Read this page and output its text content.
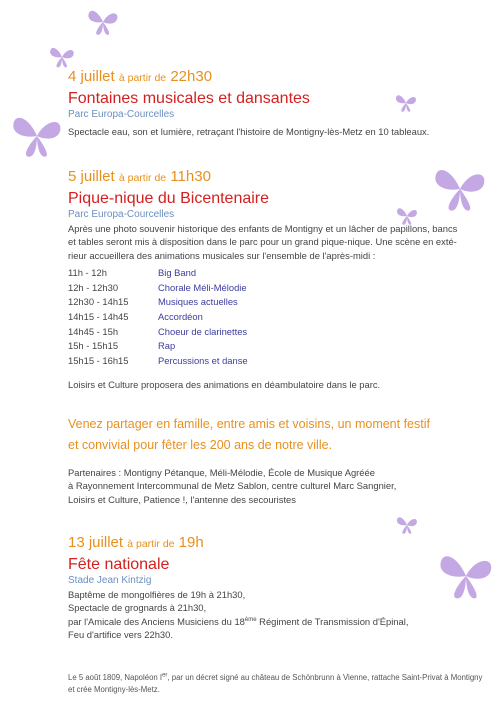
4 juillet à partir de 22h30
Fontaines musicales et dansantes
Parc Europa-Courcelles
Spectacle eau, son et lumière, retraçant l'histoire de Montigny-lès-Metz en 10 tableaux.
5 juillet à partir de 11h30
Pique-nique du Bicentenaire
Parc Europa-Courcelles
Après une photo souvenir historique des enfants de Montigny et un lâcher de papillons, bancs
et tables seront mis à disposition dans le parc pour un grand pique-nique. Une scène en exté-
rieur accueillera des animations musicales sur l'ensemble de l'après-midi :
11h - 12h	Big Band
12h - 12h30	Chorale Méli-Mélodie
12h30 - 14h15	Musiques actuelles
14h15 - 14h45	Accordéon
14h45 - 15h	Choeur de clarinettes
15h - 15h15	Rap
15h15 - 16h15	Percussions et danse
Loisirs et Culture proposera des animations en déambulatoire dans le parc.
Venez partager en famille, entre amis et voisins, un moment festif
et convivial pour fêter les 200 ans de notre ville.
Partenaires : Montigny Pétanque, Méli-Mélodie, École de Musique Agréée
à Rayonnement Intercommunal de Metz Sablon, centre culturel Marc Sangnier,
Loisirs et Culture, Patience !, l'antenne des secouristes
13 juillet à partir de 19h
Fête nationale
Stade Jean Kintzig
Baptême de mongolfières de 19h à 21h30,
Spectacle de grognards à 21h30,
par l'Amicale des Anciens Musiciens du 18ème Régiment de Transmission d'Épinal,
Feu d'artifice vers 22h30.
Le 5 août 1809, Napoléon Ier, par un décret signé au château de Schönbrunn à Vienne, rattache Saint-Privat à Montigny
et crée Montigny-lès-Metz.
